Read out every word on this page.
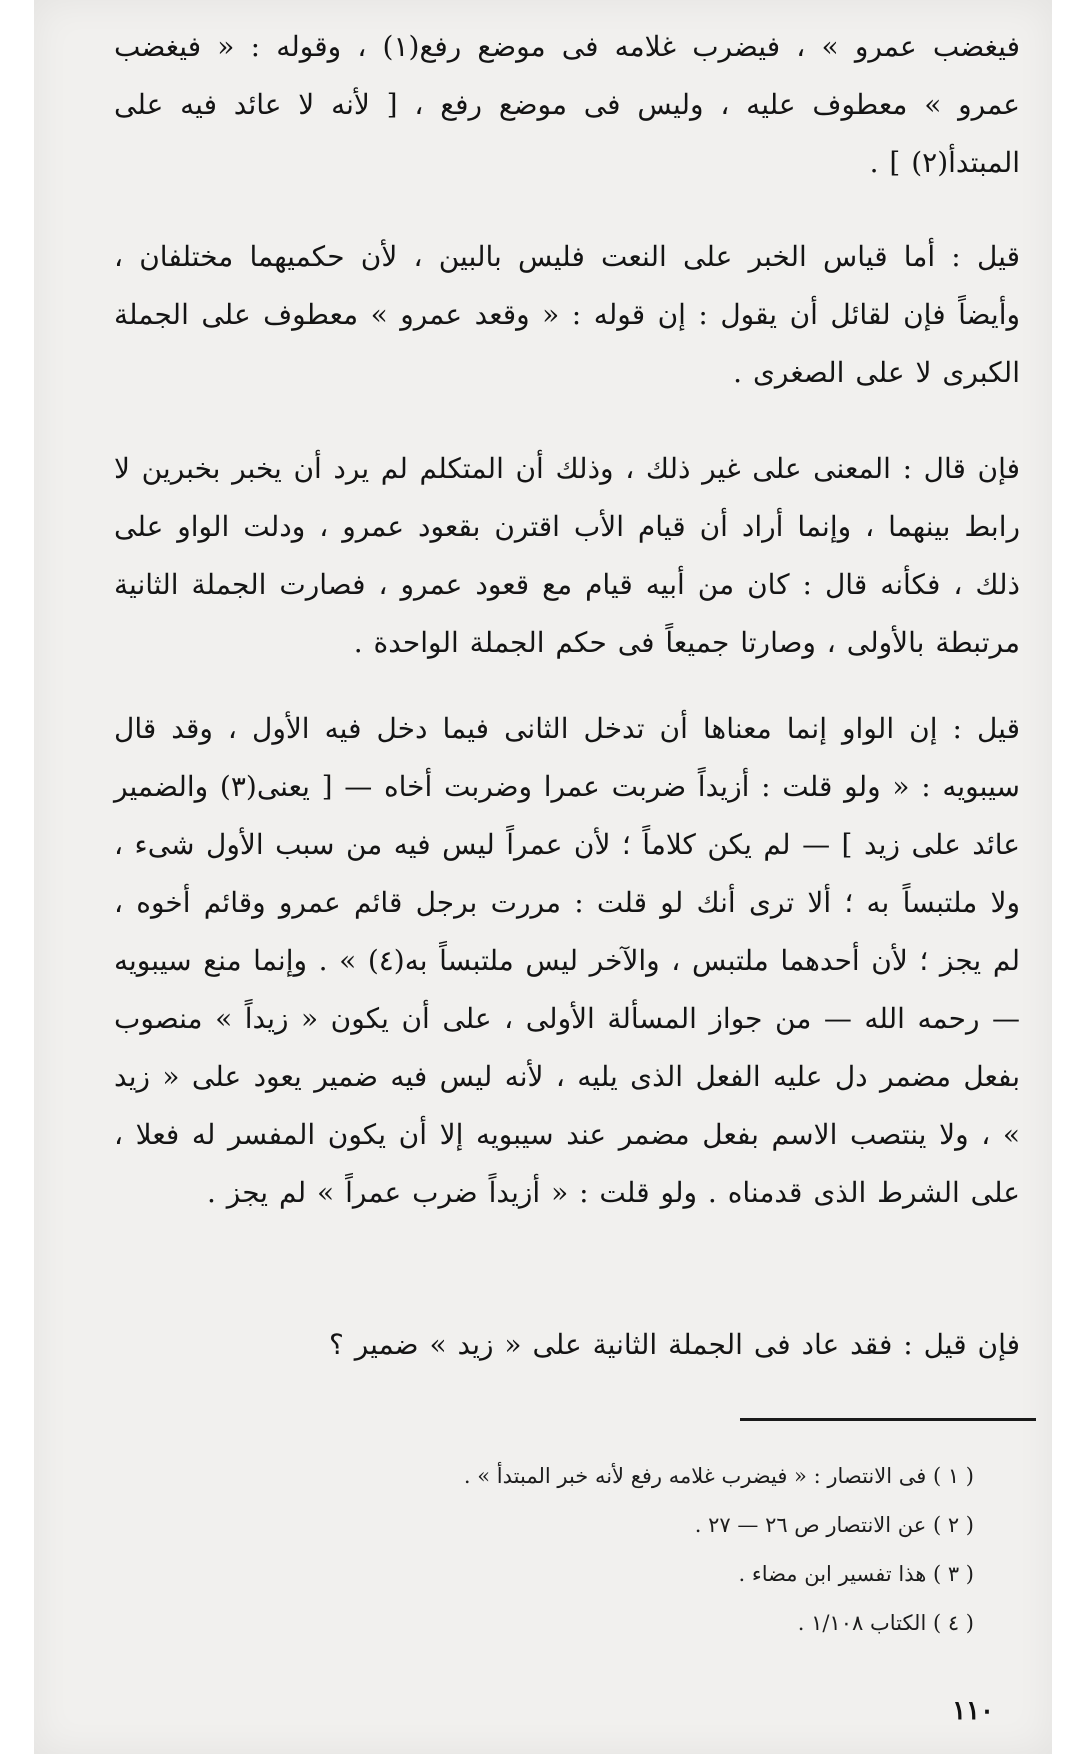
فيغضب عمرو » ، فيضرب غلامه فى موضع رفع(١) ، وقوله : « فيغضب عمرو » معطوف عليه ، وليس فى موضع رفع ، [ لأنه لا عائد فيه على المبتدأ(٢) ] .
قيل : أما قياس الخبر على النعت فليس بالبين ، لأن حكميهما مختلفان ، وأيضاً فإن لقائل أن يقول : إن قوله : « وقعد عمرو » معطوف على الجملة الكبرى لا على الصغرى .
فإن قال : المعنى على غير ذلك ، وذلك أن المتكلم لم يرد أن يخبر بخبرين لا رابط بينهما ، وإنما أراد أن قيام الأب اقترن بقعود عمرو ، ودلت الواو على ذلك ، فكأنه قال : كان من أبيه قيام مع قعود عمرو ، فصارت الجملة الثانية مرتبطة بالأولى ، وصارتا جميعاً فى حكم الجملة الواحدة .
قيل : إن الواو إنما معناها أن تدخل الثانى فيما دخل فيه الأول ، وقد قال سيبويه : « ولو قلت : أزيداً ضربت عمرا وضربت أخاه — [ يعنى(٣) والضمير عائد على زيد ] — لم يكن كلاماً ؛ لأن عمراً ليس فيه من سبب الأول شىء ، ولا ملتبساً به ؛ ألا ترى أنك لو قلت : مررت برجل قائم عمرو وقائم أخوه ، لم يجز ؛ لأن أحدهما ملتبس ، والآخر ليس ملتبساً به(٤) » . وإنما منع سيبويه — رحمه الله — من جواز المسألة الأولى ، على أن يكون « زيداً » منصوب بفعل مضمر دل عليه الفعل الذى يليه ، لأنه ليس فيه ضمير يعود على « زيد » ، ولا ينتصب الاسم بفعل مضمر عند سيبويه إلا أن يكون المفسر له فعلا ، على الشرط الذى قدمناه . ولو قلت : « أزيداً ضرب عمراً » لم يجز .
فإن قيل : فقد عاد فى الجملة الثانية على « زيد » ضمير ؟
( ١ ) فى الانتصار : « فيضرب غلامه رفع لأنه خبر المبتدأ » .
( ٢ ) عن الانتصار ص ٢٦ — ٢٧ .
( ٣ ) هذا تفسير ابن مضاء .
( ٤ ) الكتاب ١/١٠٨ .
١١٠
